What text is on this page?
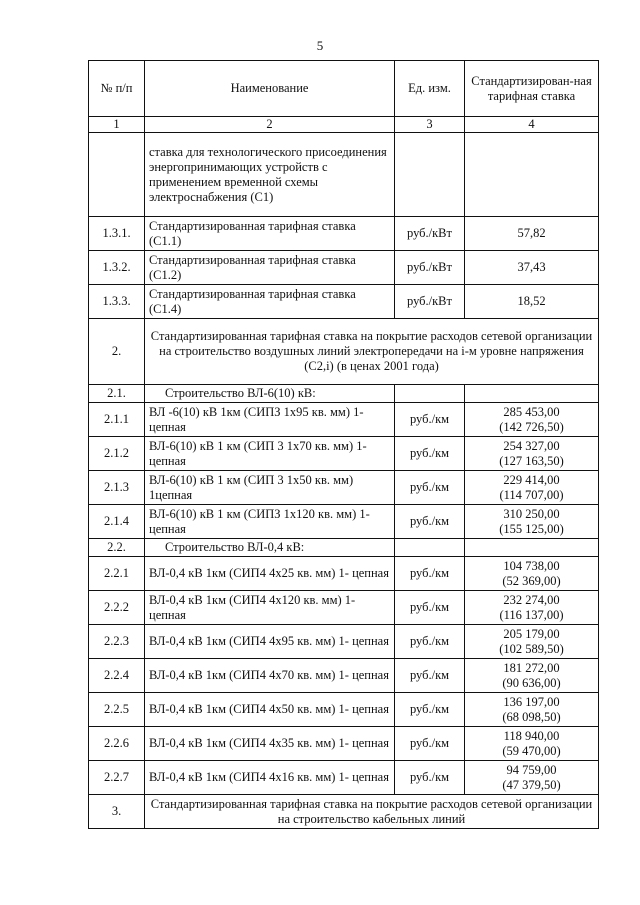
5
№ п/п	Наименование	Ед. изм.	Стандартизирован-ная тарифная ставка
1	2	3	4
	ставка для технологического присоединения энергопринимающих устройств с применением временной схемы электроснабжения (С1)		

1.3.1.	Стандартизированная тарифная ставка (С1.1)	руб./кВт	57,82

1.3.2.	Стандартизированная тарифная ставка (С1.2)	руб./кВт	37,43

1.3.3.	Стандартизированная тарифная ставка (С1.4)	руб./кВт	18,52

2.	Стандартизированная тарифная ставка на покрытие расходов сетевой организации на строительство воздушных линий электропередачи на i-м уровне напряжения (С2,i) (в ценах 2001 года)		
2.1.	Строительство ВЛ-6(10) кВ:		

2.1.1	ВЛ -6(10) кВ 1км (СИПЗ 1х95 кв. мм) 1-цепная	руб./км	285 453,00
(142 726,50)

2.1.2	ВЛ-6(10) кВ 1 км (СИП 3 1х70 кв. мм) 1-цепная	руб./км	254 327,00
(127 163,50)

2.1.3	ВЛ-6(10) кВ 1 км (СИП 3 1х50 кв. мм) 1цепная	руб./км	229 414,00
(114 707,00)

2.1.4	ВЛ-6(10) кВ 1 км (СИПЗ 1х120 кв. мм) 1-цепная	руб./км	310 250,00
(155 125,00)

2.2.	Строительство ВЛ-0,4 кВ:		

2.2.1	ВЛ-0,4 кВ 1км (СИП4 4х25 кв. мм) 1- цепная	руб./км	104 738,00
(52 369,00)

2.2.2	ВЛ-0,4 кВ 1км (СИП4 4х120 кв. мм) 1- цепная	руб./км	232 274,00
(116 137,00)

2.2.3	ВЛ-0,4 кВ 1км (СИП4 4х95 кв. мм) 1- цепная	руб./км	205 179,00
(102 589,50)

2.2.4	ВЛ-0,4 кВ 1км (СИП4 4х70 кв. мм) 1- цепная	руб./км	181 272,00
(90 636,00)

2.2.5	ВЛ-0,4 кВ 1км (СИП4 4х50 кв. мм) 1- цепная	руб./км	136 197,00
(68 098,50)

2.2.6	ВЛ-0,4 кВ 1км (СИП4 4х35 кв. мм) 1- цепная	руб./км	118 940,00
(59 470,00)

2.2.7	ВЛ-0,4 кВ 1км (СИП4 4х16 кв. мм) 1- цепная	руб./км	94 759,00
(47 379,50)

3.	Стандартизированная тарифная ставка на покрытие расходов сетевой организации на строительство кабельных линий		
